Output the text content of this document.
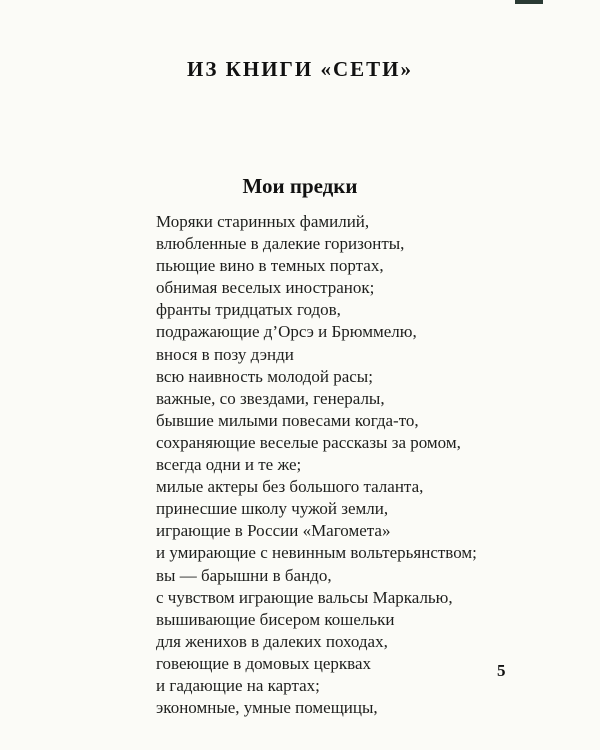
ИЗ КНИГИ «СЕТИ»
Мои предки
Моряки старинных фамилий,
влюбленные в далекие горизонты,
пьющие вино в темных портах,
обнимая веселых иностранок;
франты тридцатых годов,
подражающие д’Орсэ и Брюммелю,
внося в позу дэнди
всю наивность молодой расы;
важные, со звездами, генералы,
бывшие милыми повесами когда-то,
сохраняющие веселые рассказы за ромом,
всегда одни и те же;
милые актеры без большого таланта,
принесшие школу чужой земли,
играющие в России «Магомета»
и умирающие с невинным вольтерьянством;
вы — барышни в бандо,
с чувством играющие вальсы Маркалью,
вышивающие бисером кошельки
для женихов в далеких походах,
говеющие в домовых церквах
и гадающие на картах;
экономные, умные помещицы,
5
